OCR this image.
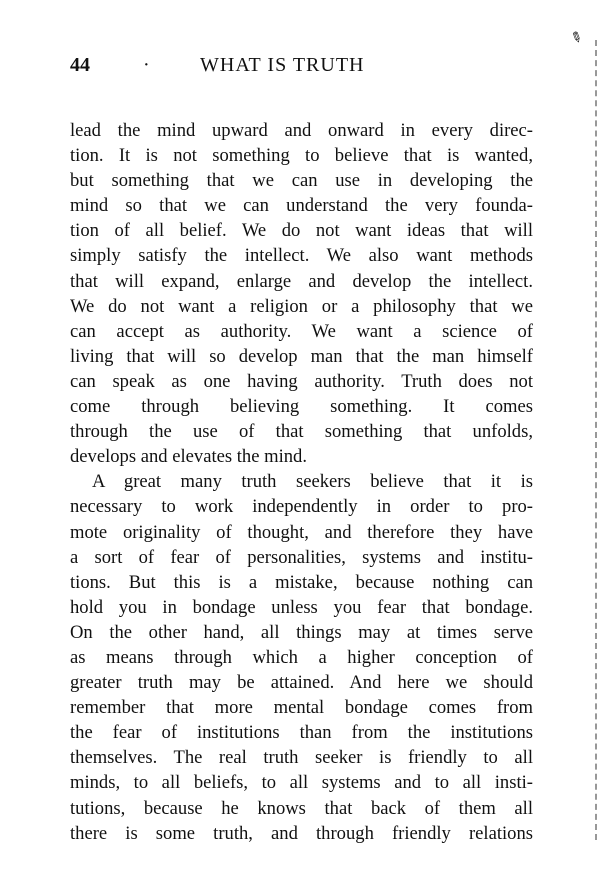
✎
44	·	WHAT IS TRUTH
lead the mind upward and onward in every direc-
tion. It is not something to believe that is wanted,
but something that we can use in developing the
mind so that we can understand the very founda-
tion of all belief. We do not want ideas that will
simply satisfy the intellect. We also want methods
that will expand, enlarge and develop the intellect.
We do not want a religion or a philosophy that we
can accept as authority. We want a science of
living that will so develop man that the man himself
can speak as one having authority. Truth does not
come through believing something. It comes
through the use of that something that unfolds,
develops and elevates the mind.
A great many truth seekers believe that it is
necessary to work independently in order to pro-
mote originality of thought, and therefore they have
a sort of fear of personalities, systems and institu-
tions. But this is a mistake, because nothing can
hold you in bondage unless you fear that bondage.
On the other hand, all things may at times serve
as means through which a higher conception of
greater truth may be attained. And here we should
remember that more mental bondage comes from
the fear of institutions than from the institutions
themselves. The real truth seeker is friendly to all
minds, to all beliefs, to all systems and to all insti-
tutions, because he knows that back of them all
there is some truth, and through friendly relations
